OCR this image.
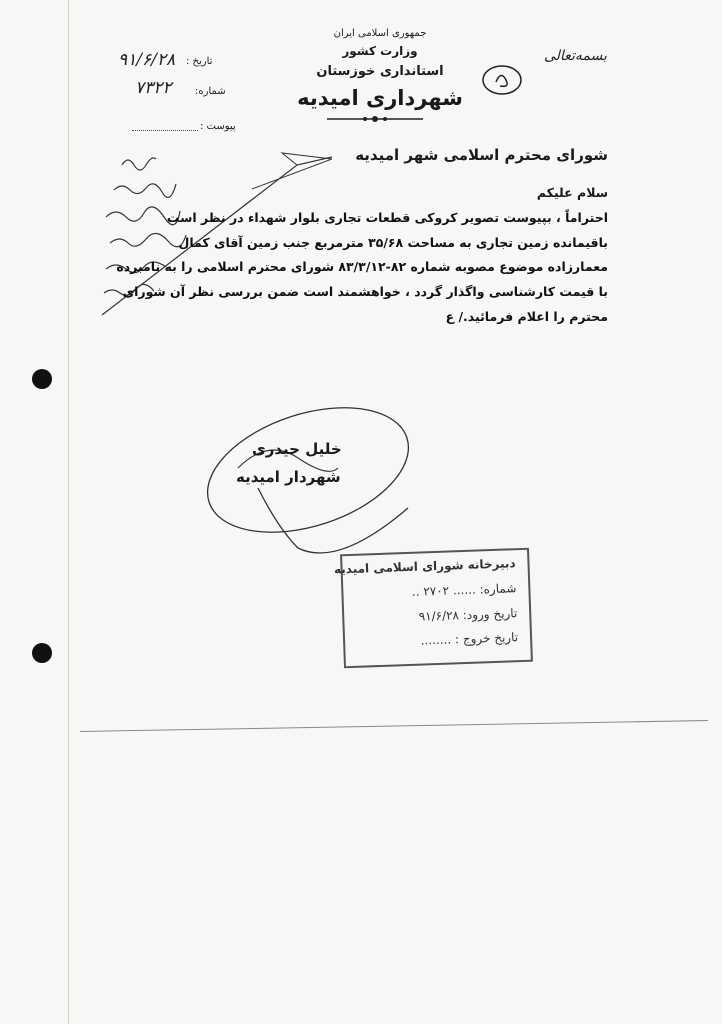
جمهوری اسلامی ایران
وزارت کشور
استانداری خوزستان
شهرداری امیدیه
تاریخ :
۹۱/۶/۲۸
شماره:
۷۳۲۲
پیوست :
بسمه‌تعالی
شورای محترم اسلامی شهر امیدیه
سلام علیکم
احتراماً ، بپیوست تصویر کروکی قطعات تجاری بلوار شهداء در نظر است
باقیمانده زمین تجاری به مساحت ۳۵/۶۸ مترمربع جنب زمین آقای کمال
معمارزاده موضوع مصوبه شماره ۸۲-۸۳/۳/۱۲ شورای محترم اسلامی را به نامبرده
با قیمت کارشناسی واگذار گردد ، خواهشمند است ضمن بررسی نظر آن شورای
محترم را اعلام فرمائید./ ع
خلیل حیدری
شهردار امیدیه
دبیرخانه شورای اسلامی امیدیه
شماره: ...... ۲۷۰۲ ..
تاریخ ورود: ۹۱/۶/۲۸
تاریخ خروج : ........
